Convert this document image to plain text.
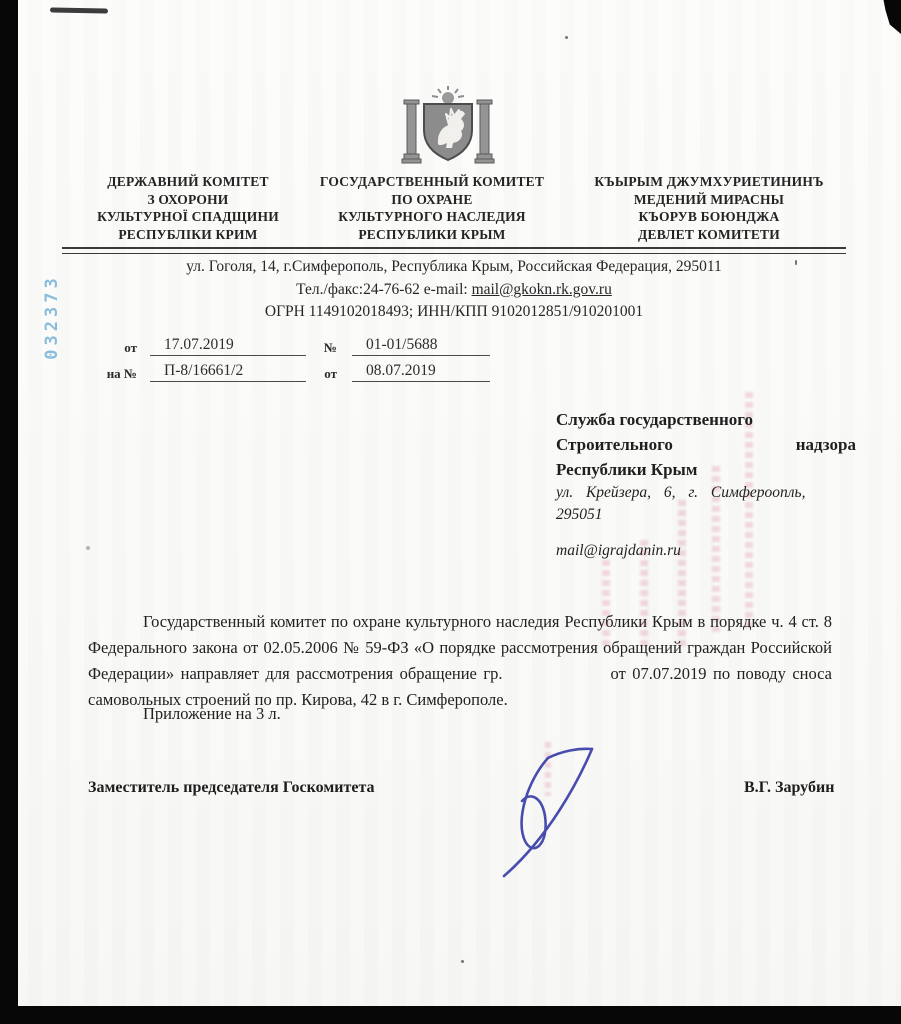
ДЕРЖАВНИЙ КОМІТЕТ
З ОХОРОНИ
КУЛЬТУРНОЇ СПАДЩИНИ
РЕСПУБЛІКИ КРИМ
ГОСУДАРСТВЕННЫЙ КОМИТЕТ
ПО ОХРАНЕ
КУЛЬТУРНОГО НАСЛЕДИЯ
РЕСПУБЛИКИ КРЫМ
КЪЫРЫМ ДЖУМХУРИЕТИНИНЪ
МЕДЕНИЙ МИРАСНЫ
КЪОРУВ БОЮНДЖА
ДЕВЛЕТ КОМИТЕТИ
ул. Гоголя, 14, г.Симферополь, Республика Крым, Российская Федерация, 295011
Тел./факс:24-76-62 e-mail: mail@gkokn.rk.gov.ru
ОГРН 1149102018493; ИНН/КПП 9102012851/910201001
от	17.07.2019	№	01-01/5688
на №	П-8/16661/2	от	08.07.2019
032373
Служба государственного
Строительного	надзора
Республики Крым
ул. Крейзера, 6, г. Симфероопль,
295051
mail@igrajdanin.ru

Государственный комитет по охране культурного наследия Республики Крым в порядке ч. 4 ст. 8 Федерального закона от 02.05.2006 № 59-ФЗ «О порядке рассмотрения обращений граждан Российской Федерации» направляет для рассмотрения обращение гр.	от 07.07.2019 по поводу сноса самовольных строений по пр. Кирова, 42 в г. Симферополе.

Приложение на 3 л.
Заместитель председателя Госкомитета	В.Г. Зарубин
